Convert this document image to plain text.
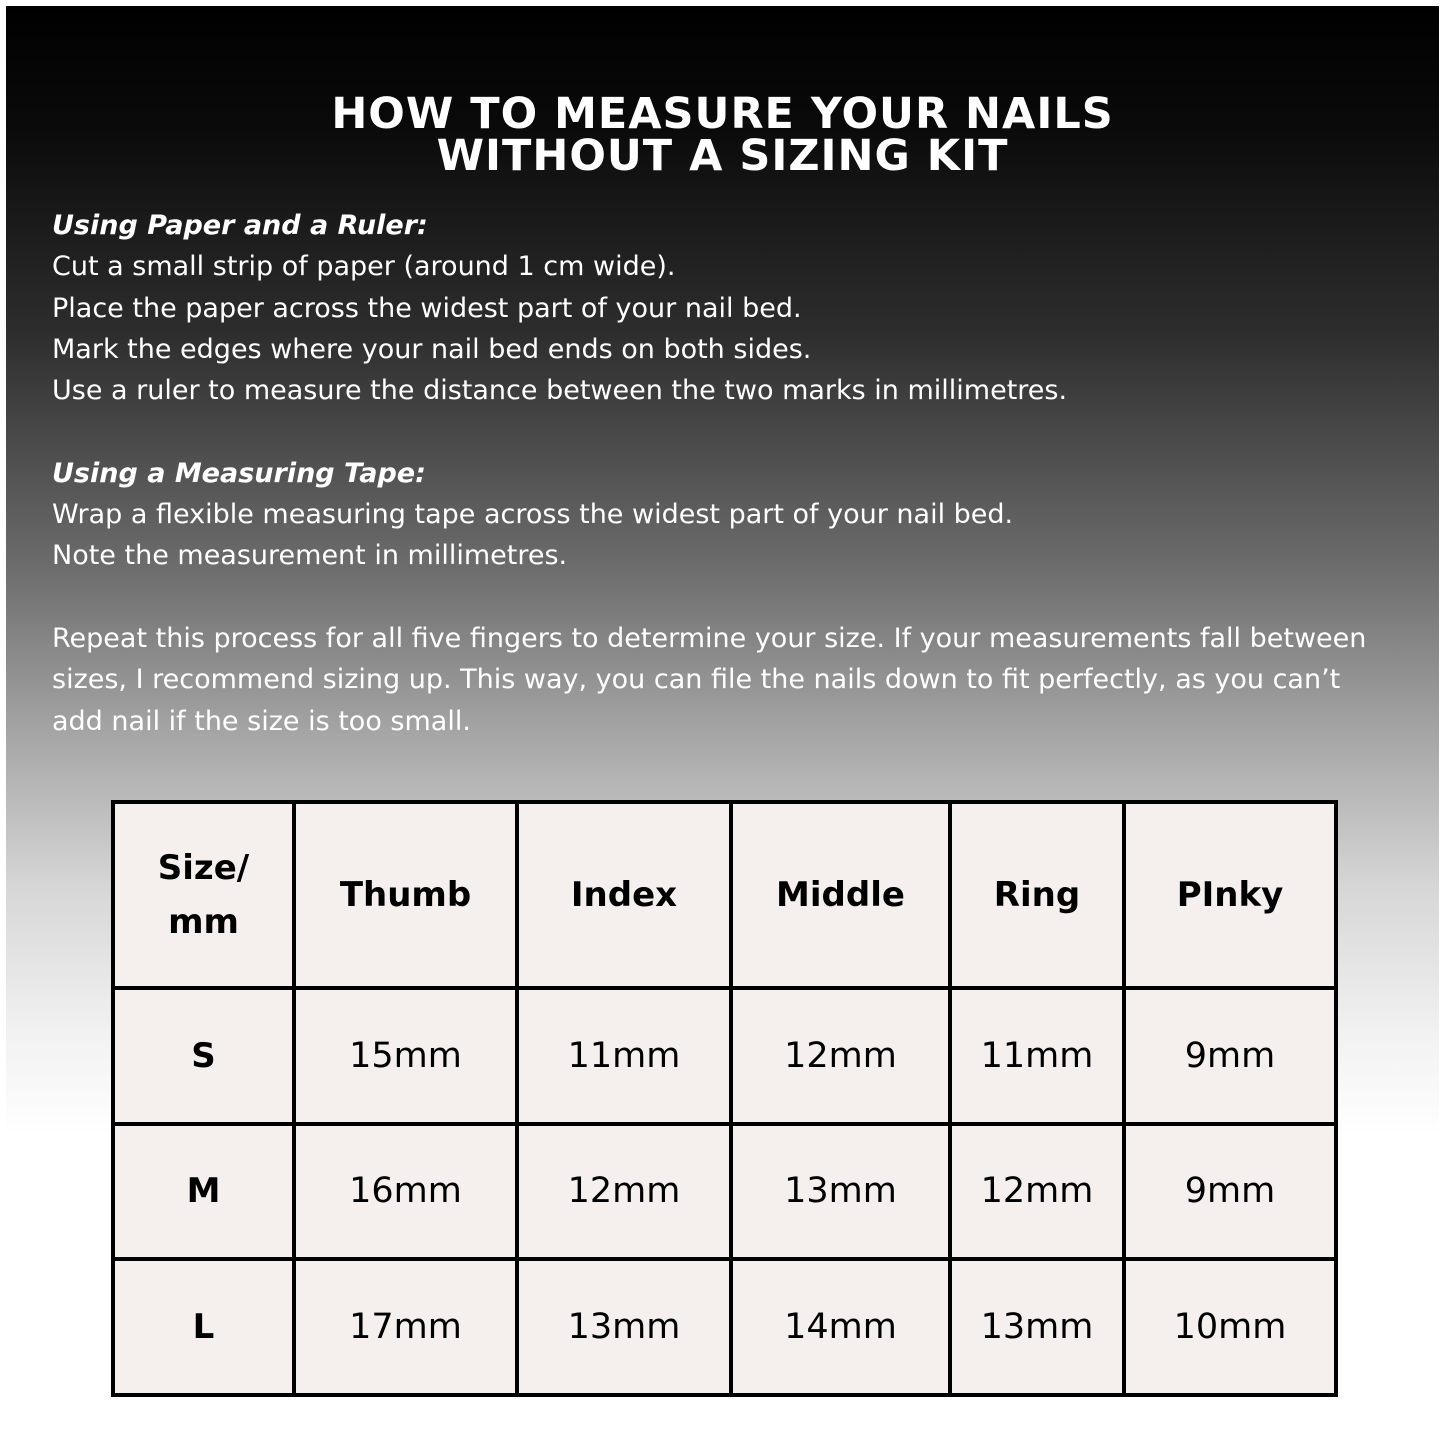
HOW TO MEASURE YOUR NAILS
WITHOUT A SIZING KIT
Using Paper and a Ruler:
Cut a small strip of paper (around 1 cm wide).
Place the paper across the widest part of your nail bed.
Mark the edges where your nail bed ends on both sides.
Use a ruler to measure the distance between the two marks in millimetres.
Using a Measuring Tape:
Wrap a flexible measuring tape across the widest part of your nail bed.
Note the measurement in millimetres.
Repeat this process for all five fingers to determine your size. If your measurements fall between sizes, I recommend sizing up. This way, you can file the nails down to fit perfectly, as you can’t add nail if the size is too small.
Size/
mm	Thumb	Index	Middle	Ring	PInky
S	15mm	11mm	12mm	11mm	9mm
M	16mm	12mm	13mm	12mm	9mm
L	17mm	13mm	14mm	13mm	10mm
